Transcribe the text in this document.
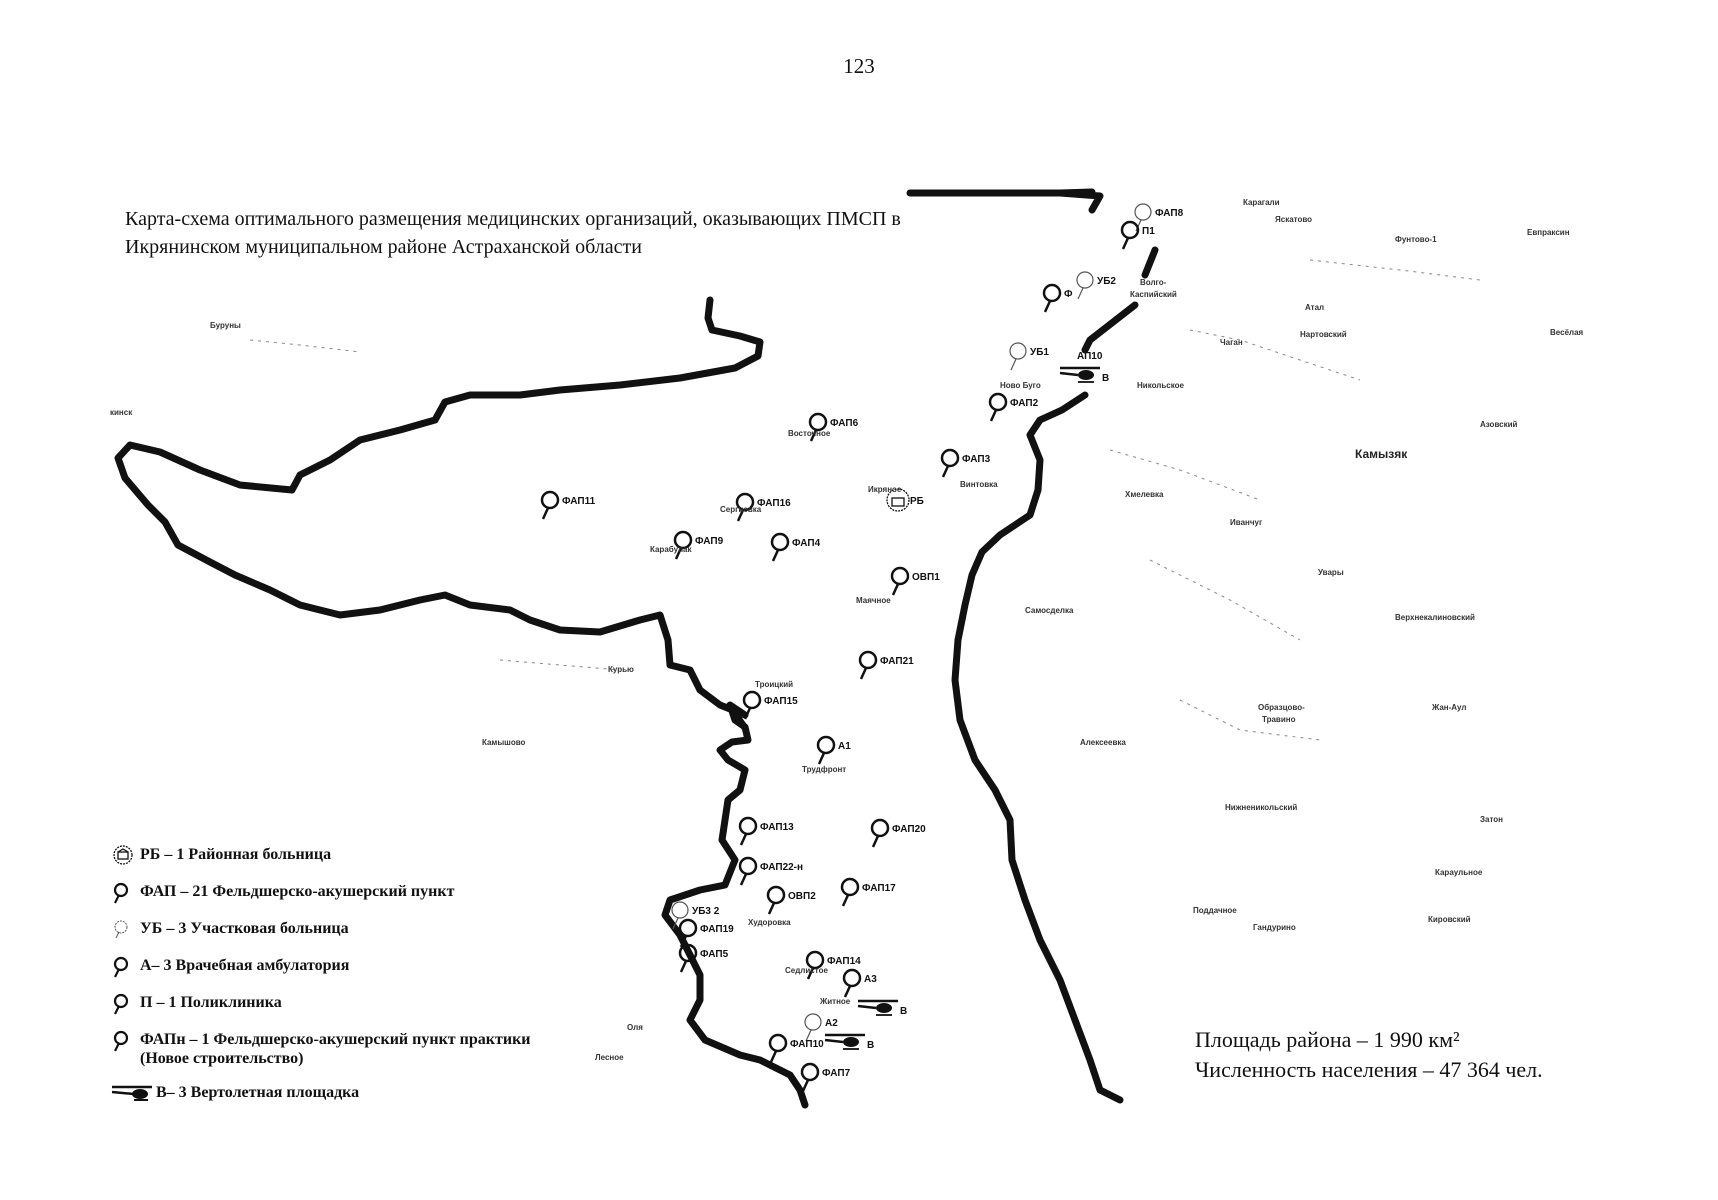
123
Карта-схема оптимального размещения медицинских организаций, оказывающих ПМСП в Икрянинском муниципальном районе Астраханской области
ФАП8
П1
УБ2
Ф
УБ1	АП10
ФАП2
ФАП6
ФАП3
РБ
ФАП11	ФАП16
ФАП9	ФАП4
ОВП1
ФАП21
ФАП15
А1
ФАП13	ФАП20
ФАП22-н
ОВП2
ФАП17
УБ3 2
ФАП19
ФАП5
ФАП14
А3
А2
ФАП10
ФАП7
В
В
В
Карагали
Яскатово
Фунтово-1
Евпраксин
Волго-
Каспийский
Атал
Нартовский
Чаган
Весёлая
Буруны
кинск
Ново Буго	Никольское
Азовский
Камызяк
Винтовка
Хмелевка
Иванчуг
Увары
Маячное
Самосделка
Верхнекалиновский
Троицкий
Курью
Образцово-
Травино
Жан-Аул
Камышово
Трудфронт
Алексеевка
Нижненикольский
Затон
Караульное
Поддачное
Гандурино
Кировский
Худоровка
Лесное
Оля
Седлистое
Житное
Восточное
Сергиевка
Карабулак
Икряное
РБ – 1 Районная больница
ФАП – 21 Фельдшерско-акушерский пункт
УБ – 3 Участковая больница
А– 3 Врачебная амбулатория
П – 1 Поликлиника
ФАПн – 1 Фельдшерско-акушерский пункт практики (Новое строительство)
В– 3 Вертолетная площадка
Площадь района – 1 990 км²
Численность населения – 47 364 чел.
